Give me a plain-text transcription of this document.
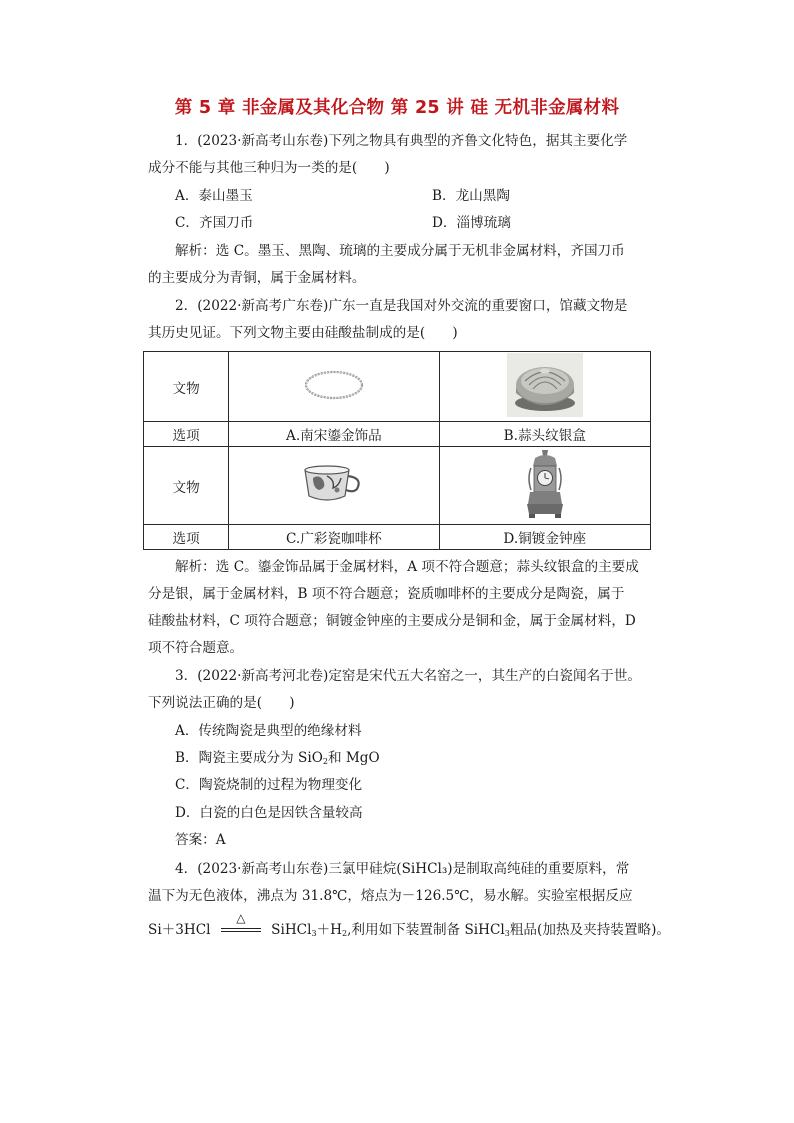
第 5 章 非金属及其化合物 第 25 讲 硅 无机非金属材料
1．(2023·新高考山东卷)下列之物具有典型的齐鲁文化特色，据其主要化学
成分不能与其他三种归为一类的是(　　)
A．泰山墨玉	B．龙山黑陶
C．齐国刀币	D．淄博琉璃
解析：选 C。墨玉、黑陶、琉璃的主要成分属于无机非金属材料，齐国刀币
的主要成分为青铜，属于金属材料。
2．(2022·新高考广东卷)广东一直是我国对外交流的重要窗口，馆藏文物是
其历史见证。下列文物主要由硅酸盐制成的是(　　)
文物		
选项	A.南宋鎏金饰品	B.蒜头纹银盒
文物		
选项	C.广彩瓷咖啡杯	D.铜镀金钟座
解析：选 C。鎏金饰品属于金属材料，A 项不符合题意；蒜头纹银盒的主要成
分是银，属于金属材料，B 项不符合题意；瓷质咖啡杯的主要成分是陶瓷，属于
硅酸盐材料，C 项符合题意；铜镀金钟座的主要成分是铜和金，属于金属材料，D
项不符合题意。
3．(2022·新高考河北卷)定窑是宋代五大名窑之一，其生产的白瓷闻名于世。
下列说法正确的是(　　)
A．传统陶瓷是典型的绝缘材料
B．陶瓷主要成分为 SiO$_2$和 MgO
C．陶瓷烧制的过程为物理变化
D．白瓷的白色是因铁含量较高
答案：A
4．(2023·新高考山东卷)三氯甲硅烷(SiHCl₃)是制取高纯硅的重要原料，常
温下为无色液体，沸点为 31.8℃，熔点为－126.5℃，易水解。实验室根据反应
Si＋3HCl
△
$SiHCl_3+H_2$,利用如下装置制备 SiHCl$_3$粗品(加热及夹持装置略)。
